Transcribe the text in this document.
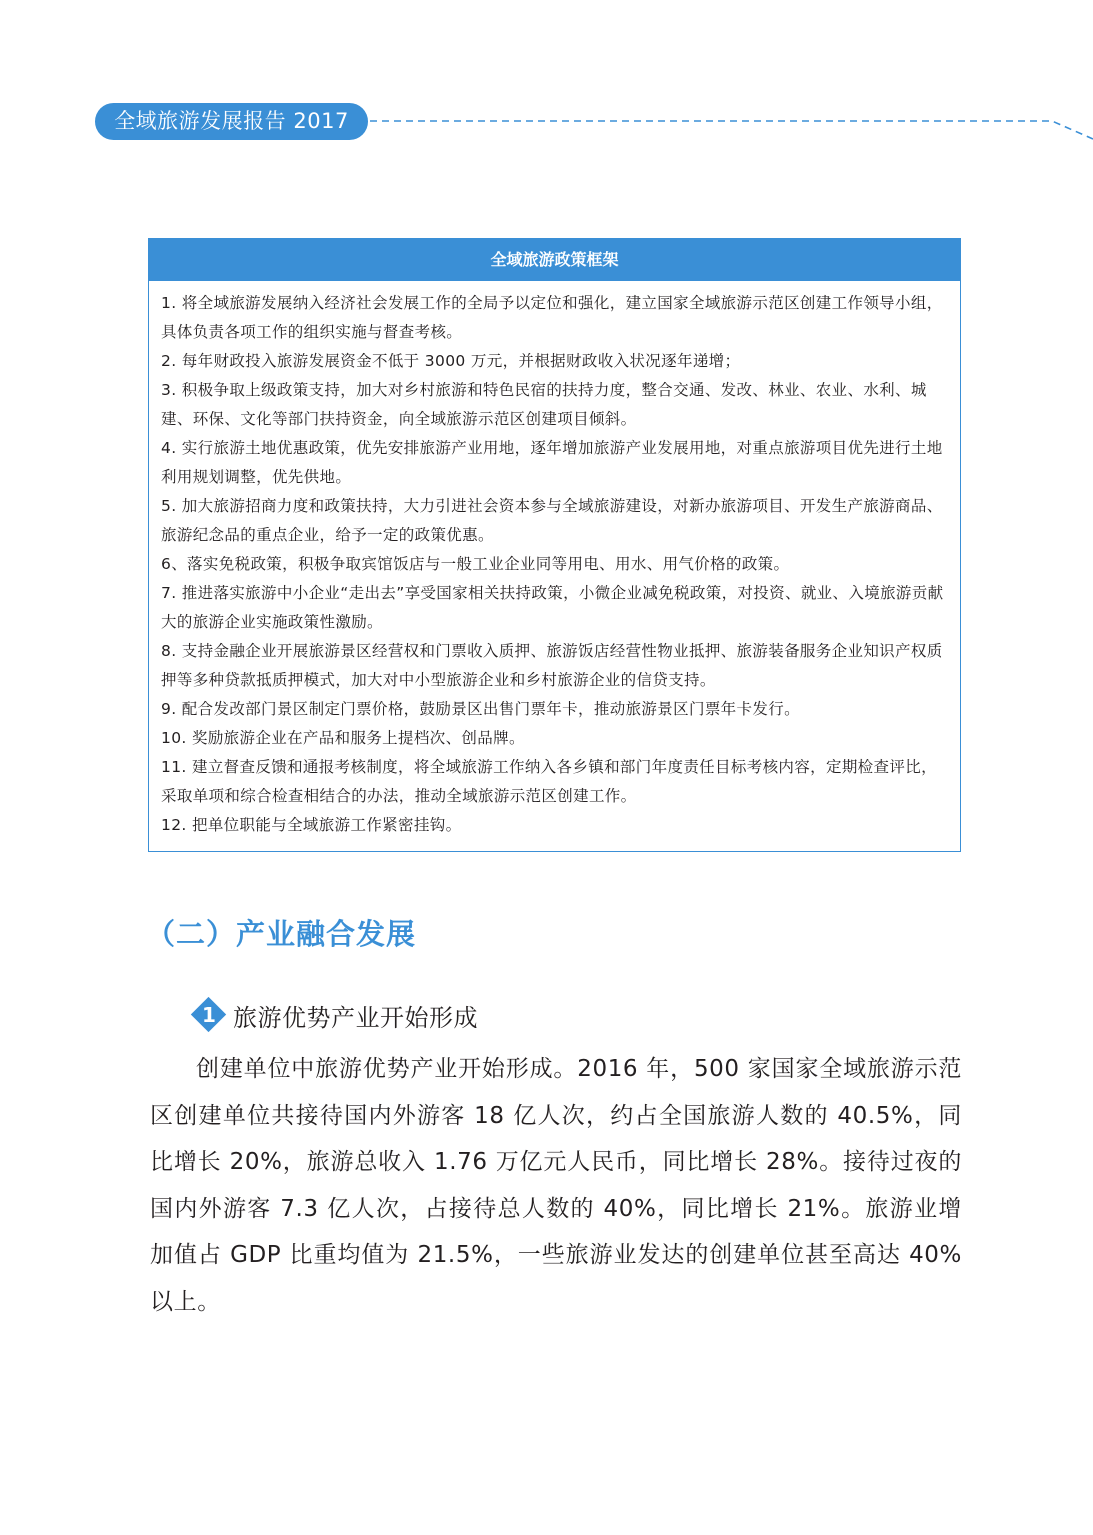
全域旅游发展报告 2017
全域旅游政策框架
1. 将全域旅游发展纳入经济社会发展工作的全局予以定位和强化，建立国家全域旅游示范区创建工作领导小组，具体负责各项工作的组织实施与督查考核。
2. 每年财政投入旅游发展资金不低于 3000 万元，并根据财政收入状况逐年递增；
3. 积极争取上级政策支持，加大对乡村旅游和特色民宿的扶持力度，整合交通、发改、林业、农业、水利、城建、环保、文化等部门扶持资金，向全域旅游示范区创建项目倾斜。
4. 实行旅游土地优惠政策，优先安排旅游产业用地，逐年增加旅游产业发展用地，对重点旅游项目优先进行土地利用规划调整，优先供地。
5. 加大旅游招商力度和政策扶持，大力引进社会资本参与全域旅游建设，对新办旅游项目、开发生产旅游商品、旅游纪念品的重点企业，给予一定的政策优惠。
6、落实免税政策，积极争取宾馆饭店与一般工业企业同等用电、用水、用气价格的政策。
7. 推进落实旅游中小企业“走出去”享受国家相关扶持政策，小微企业减免税政策，对投资、就业、入境旅游贡献大的旅游企业实施政策性激励。
8. 支持金融企业开展旅游景区经营权和门票收入质押、旅游饭店经营性物业抵押、旅游装备服务企业知识产权质押等多种贷款抵质押模式，加大对中小型旅游企业和乡村旅游企业的信贷支持。
9. 配合发改部门景区制定门票价格，鼓励景区出售门票年卡，推动旅游景区门票年卡发行。
10. 奖励旅游企业在产品和服务上提档次、创品牌。
11. 建立督查反馈和通报考核制度，将全域旅游工作纳入各乡镇和部门年度责任目标考核内容，定期检查评比，采取单项和综合检查相结合的办法，推动全域旅游示范区创建工作。
12. 把单位职能与全域旅游工作紧密挂钩。
（二）产业融合发展
1 旅游优势产业开始形成

创建单位中旅游优势产业开始形成。2016 年，500 家国家全域旅游示范区创建单位共接待国内外游客 18 亿人次，约占全国旅游人数的 40.5%，同比增长 20%，旅游总收入 1.76 万亿元人民币，同比增长 28%。接待过夜的国内外游客 7.3 亿人次，占接待总人数的 40%，同比增长 21%。旅游业增加值占 GDP 比重均值为 21.5%，一些旅游业发达的创建单位甚至高达 40% 以上。
